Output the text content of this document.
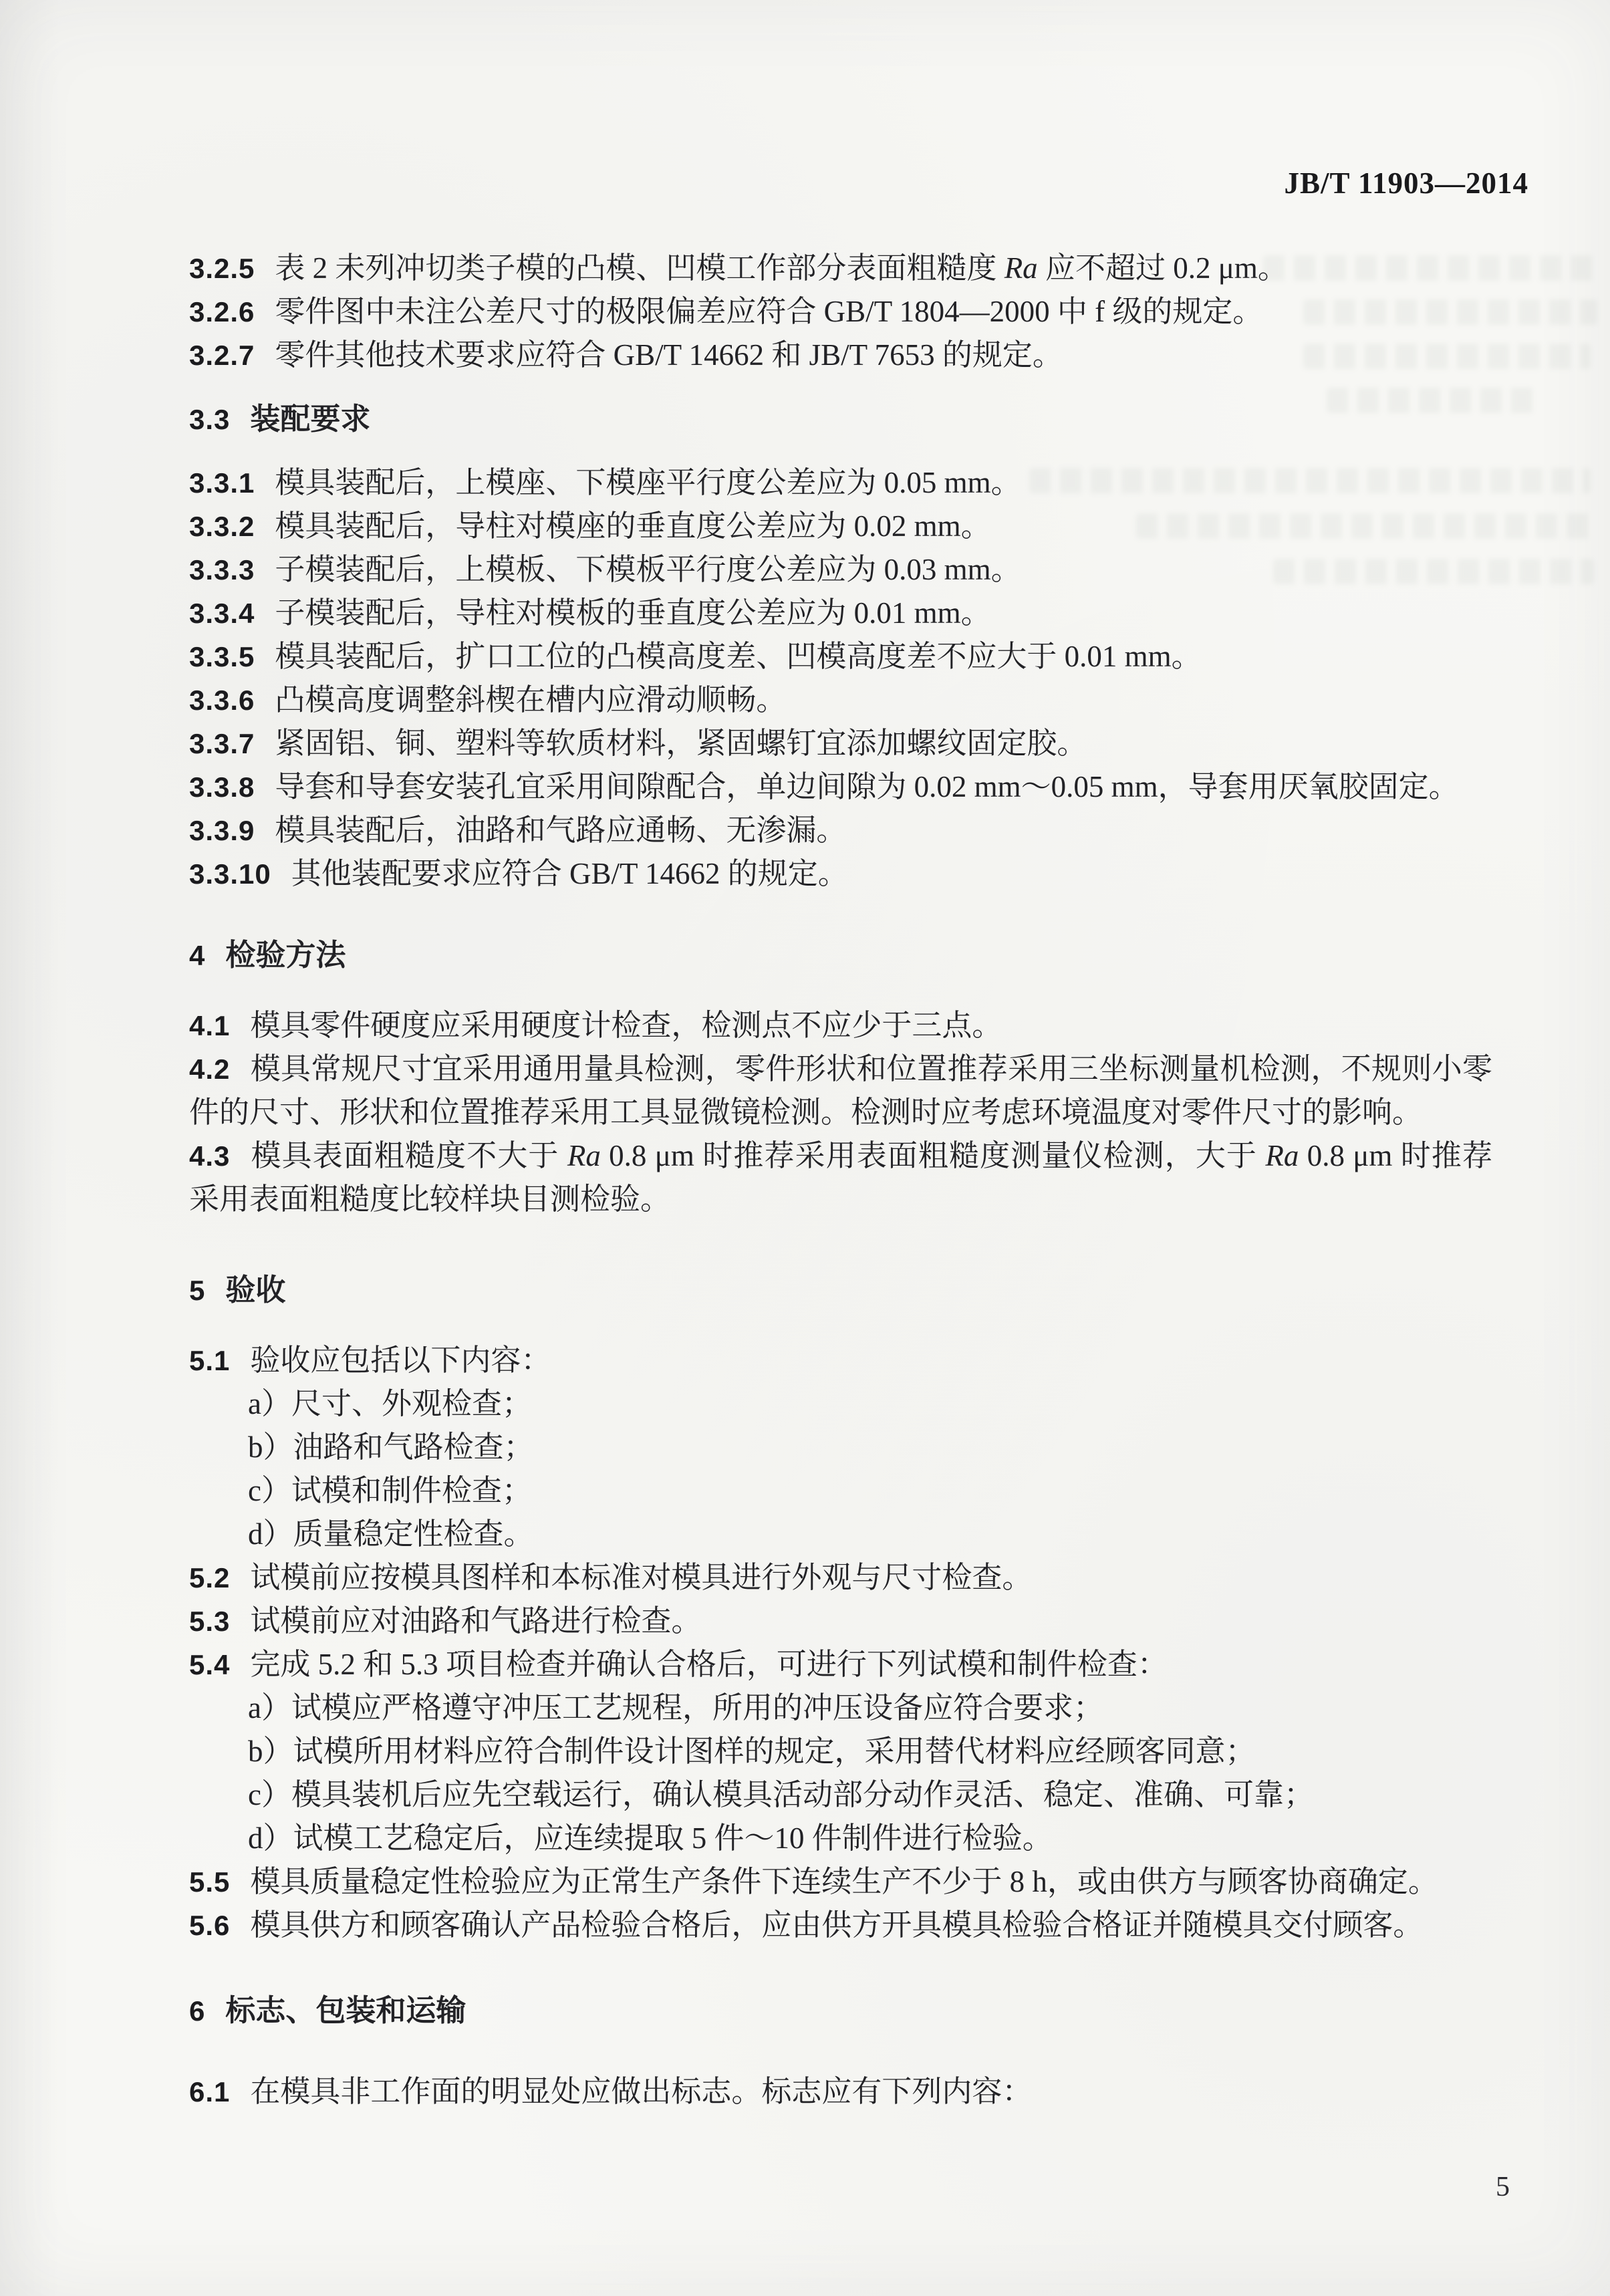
JB/T 11903—2014

3.2.5 表 2 未列冲切类子模的凸模、凹模工作部分表面粗糙度 Ra 应不超过 0.2 μm。

3.2.6 零件图中未注公差尺寸的极限偏差应符合 GB/T 1804—2000 中 f 级的规定。

3.2.7 零件其他技术要求应符合 GB/T 14662 和 JB/T 7653 的规定。

3.3 装配要求

3.3.1 模具装配后，上模座、下模座平行度公差应为 0.05 mm。

3.3.2 模具装配后，导柱对模座的垂直度公差应为 0.02 mm。

3.3.3 子模装配后，上模板、下模板平行度公差应为 0.03 mm。

3.3.4 子模装配后，导柱对模板的垂直度公差应为 0.01 mm。

3.3.5 模具装配后，扩口工位的凸模高度差、凹模高度差不应大于 0.01 mm。

3.3.6 凸模高度调整斜楔在槽内应滑动顺畅。

3.3.7 紧固铝、铜、塑料等软质材料，紧固螺钉宜添加螺纹固定胶。

3.3.8 导套和导套安装孔宜采用间隙配合，单边间隙为 0.02 mm～0.05 mm，导套用厌氧胶固定。

3.3.9 模具装配后，油路和气路应通畅、无渗漏。

3.3.10 其他装配要求应符合 GB/T 14662 的规定。

4 检验方法

4.1 模具零件硬度应采用硬度计检查，检测点不应少于三点。

4.2 模具常规尺寸宜采用通用量具检测，零件形状和位置推荐采用三坐标测量机检测，不规则小零件的尺寸、形状和位置推荐采用工具显微镜检测。检测时应考虑环境温度对零件尺寸的影响。

4.3 模具表面粗糙度不大于 Ra 0.8 μm 时推荐采用表面粗糙度测量仪检测，大于 Ra 0.8 μm 时推荐采用表面粗糙度比较样块目测检验。

5 验收

5.1 验收应包括以下内容：

a）尺寸、外观检查；

b）油路和气路检查；

c）试模和制件检查；

d）质量稳定性检查。

5.2 试模前应按模具图样和本标准对模具进行外观与尺寸检查。

5.3 试模前应对油路和气路进行检查。

5.4 完成 5.2 和 5.3 项目检查并确认合格后，可进行下列试模和制件检查：

a）试模应严格遵守冲压工艺规程，所用的冲压设备应符合要求；

b）试模所用材料应符合制件设计图样的规定，采用替代材料应经顾客同意；

c）模具装机后应先空载运行，确认模具活动部分动作灵活、稳定、准确、可靠；

d）试模工艺稳定后，应连续提取 5 件～10 件制件进行检验。

5.5 模具质量稳定性检验应为正常生产条件下连续生产不少于 8 h，或由供方与顾客协商确定。

5.6 模具供方和顾客确认产品检验合格后，应由供方开具模具检验合格证并随模具交付顾客。

6 标志、包装和运输

6.1 在模具非工作面的明显处应做出标志。标志应有下列内容：

5
